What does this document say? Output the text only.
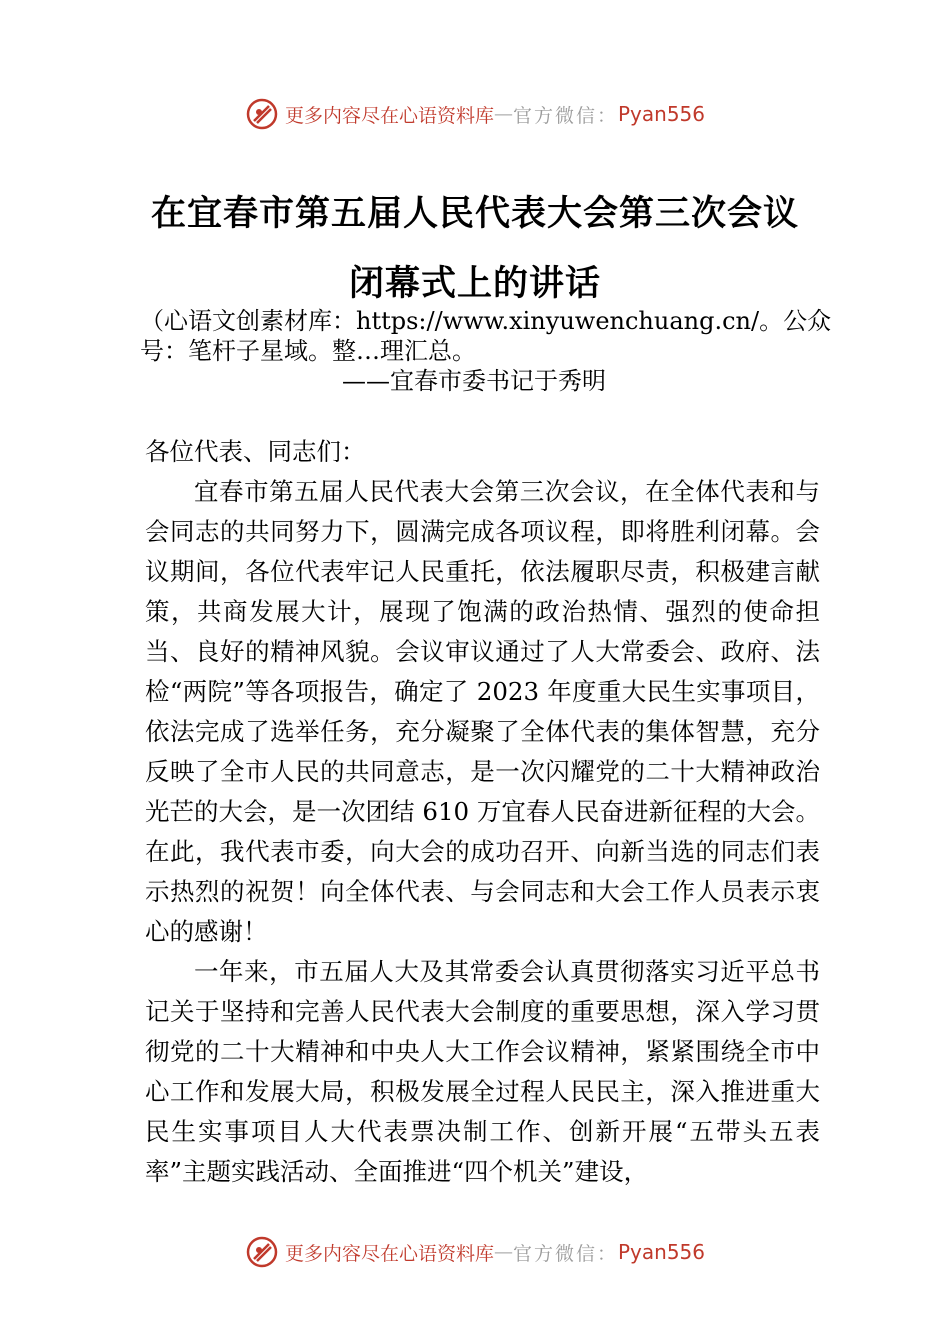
更多内容尽在心语资料库 — 官方微信： Pyan556
在宜春市第五届人民代表大会第三次会议
闭幕式上的讲话
（心语文创素材库：https://www.xinyuwenchuang.cn/。公众号：笔杆子星域。整…理汇总。
——宜春市委书记于秀明

各位代表、同志们：

宜春市第五届人民代表大会第三次会议，在全体代表和与会同志的共同努力下，圆满完成各项议程，即将胜利闭幕。会议期间，各位代表牢记人民重托，依法履职尽责，积极建言献策，共商发展大计，展现了饱满的政治热情、强烈的使命担当、良好的精神风貌。会议审议通过了人大常委会、政府、法检“两院”等各项报告，确定了 2023 年度重大民生实事项目，依法完成了选举任务，充分凝聚了全体代表的集体智慧，充分反映了全市人民的共同意志，是一次闪耀党的二十大精神政治光芒的大会，是一次团结 610 万宜春人民奋进新征程的大会。在此，我代表市委，向大会的成功召开、向新当选的同志们表示热烈的祝贺！向全体代表、与会同志和大会工作人员表示衷心的感谢！

一年来，市五届人大及其常委会认真贯彻落实习近平总书记关于坚持和完善人民代表大会制度的重要思想，深入学习贯彻党的二十大精神和中央人大工作会议精神，紧紧围绕全市中心工作和发展大局，积极发展全过程人民民主，深入推进重大民生实事项目人大代表票决制工作、创新开展“五带头五表率”主题实践活动、全面推进“四个机关”建设，

更多内容尽在心语资料库 — 官方微信： Pyan556
